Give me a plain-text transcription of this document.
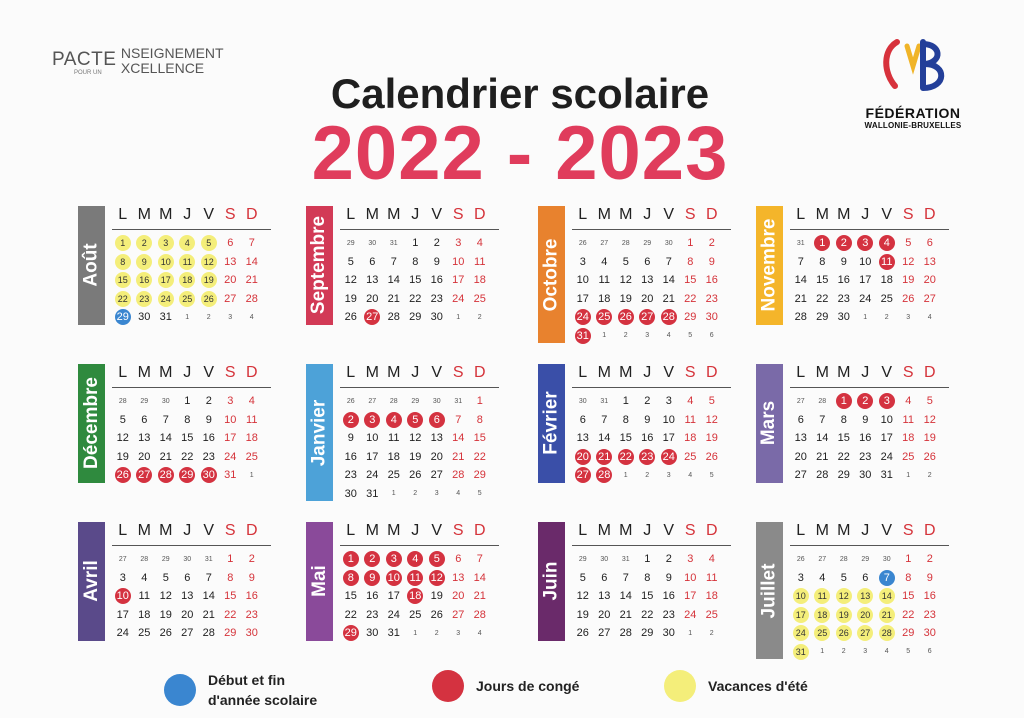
PACTE NSEIGNEMENT
XCELLENCE
POUR UN
FÉDÉRATION
WALLONIE-BRUXELLES
Calendrier scolaire
2022 - 2023
Août
L M M J V S D
1	2	3	4	5	6	7
8	9	10	11	12 13 14
15	16	17	18	19 20 21
22	23	24	25	26 27 28
29 30 31	1	2	3	4
Septembre
L M M J V S D
29	30	31	1	2	3	4
5	6	7	8	9	10 11
12 13 14 15 16 17 18
19 20 21 22 23 24 25
26 27 28 29 30	1	2
Octobre
L M M J V S D
26	27	28	29	30	1	2
3	4	5	6	7	8	9
10 11 12 13 14 15 16
17 18 19 20 21 22 23
24 25 26 27 28 29 30
31	1	2	3	4	5	6
Novembre
L M M J V S D
31	1	2	3	4	5	6
7	8	9	10 11 12 13
14 15 16 17 18 19 20
21 22 23 24 25 26 27
28 29 30	1	2	3	4
Décembre
L M M J V S D
28	29	30	1	2	3	4
5	6	7	8	9	10 11
12 13 14 15 16 17 18
19 20 21 22 23 24 25
26 27 28 29 30 31	1
Janvier
L M M J V S D
26	27	28	29	30	31	1
2	3	4	5	6	7	8
9	10 11 12 13 14 15
16 17 18 19 20 21 22
23 24 25 26 27 28 29
30 31	1	2	3	4	5
Février
L M M J V S D
30	31	1	2	3	4	5
6	7	8	9	10 11 12
13 14 15 16 17 18 19
20 21 22 23 24 25 26
27 28	1	2	3	4	5
Mars
L M M J V S D
27	28	1	2	3	4	5
6	7	8	9	10 11 12
13 14 15 16 17 18 19
20 21 22 23 24 25 26
27 28 29 30 31	1	2
Avril
L M M J V S D
27	28	29	30	31	1	2
3	4	5	6	7	8	9
10 11 12 13 14 15 16
17 18 19 20 21 22 23
24 25 26 27 28 29 30
Mai
L M M J V S D
1	2	3	4	5	6	7
8	9	10 11 12 13 14
15 16 17 18 19 20 21
22 23 24 25 26 27 28
29 30 31	1	2	3	4
Juin
L M M J V S D
29	30	31	1	2	3	4
5	6	7	8	9	10 11
12 13 14 15 16 17 18
19 20 21 22 23 24 25
26 27 28 29 30	1	2
Juillet
L M M J V S D
26	27	28	29	30	1	2
3	4	5	6	7	8	9
10	11	12	13	14 15 16
17	18	19	20	21 22 23
24	25	26	27	28 29 30
31	1	2	3	4	5	6
Début et fin
d'année scolaire
Jours de congé	Vacances d'été
